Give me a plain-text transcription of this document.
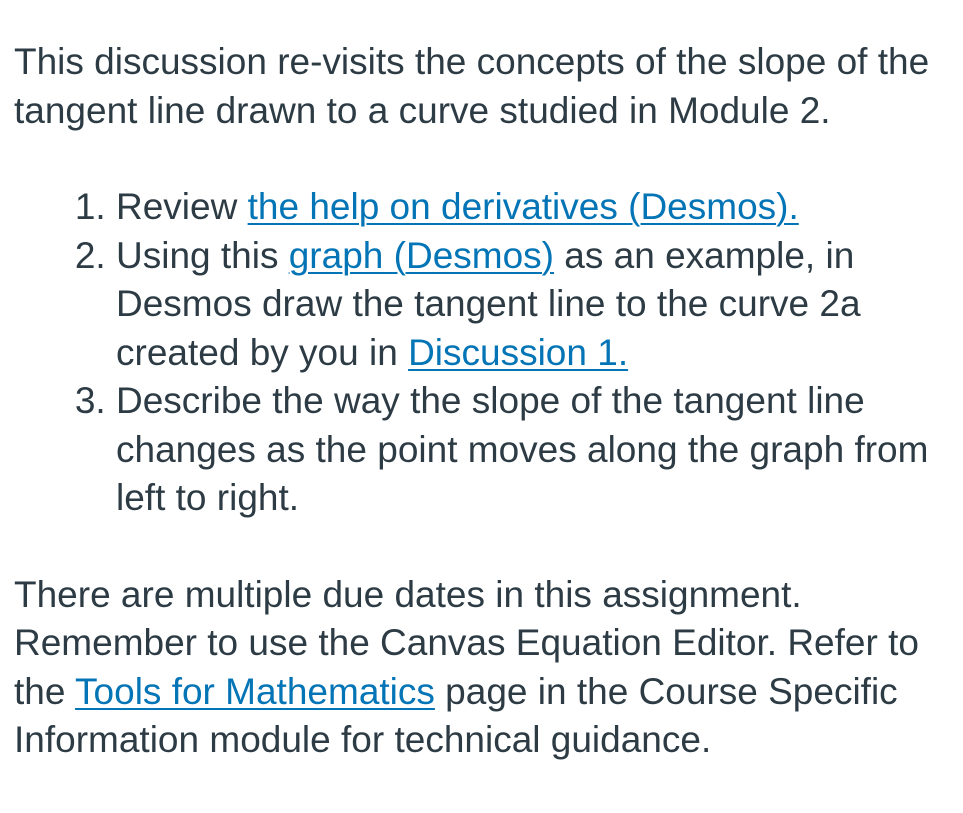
This discussion re-visits the concepts of the slope of the tangent line drawn to a curve studied in Module 2.

1. Review the help on derivatives (Desmos).
2. Using this graph (Desmos) as an example, in Desmos draw the tangent line to the curve 2a created by you in Discussion 1.
3. Describe the way the slope of the tangent line changes as the point moves along the graph from left to right.

There are multiple due dates in this assignment. Remember to use the Canvas Equation Editor. Refer to the Tools for Mathematics page in the Course Specific Information module for technical guidance.
